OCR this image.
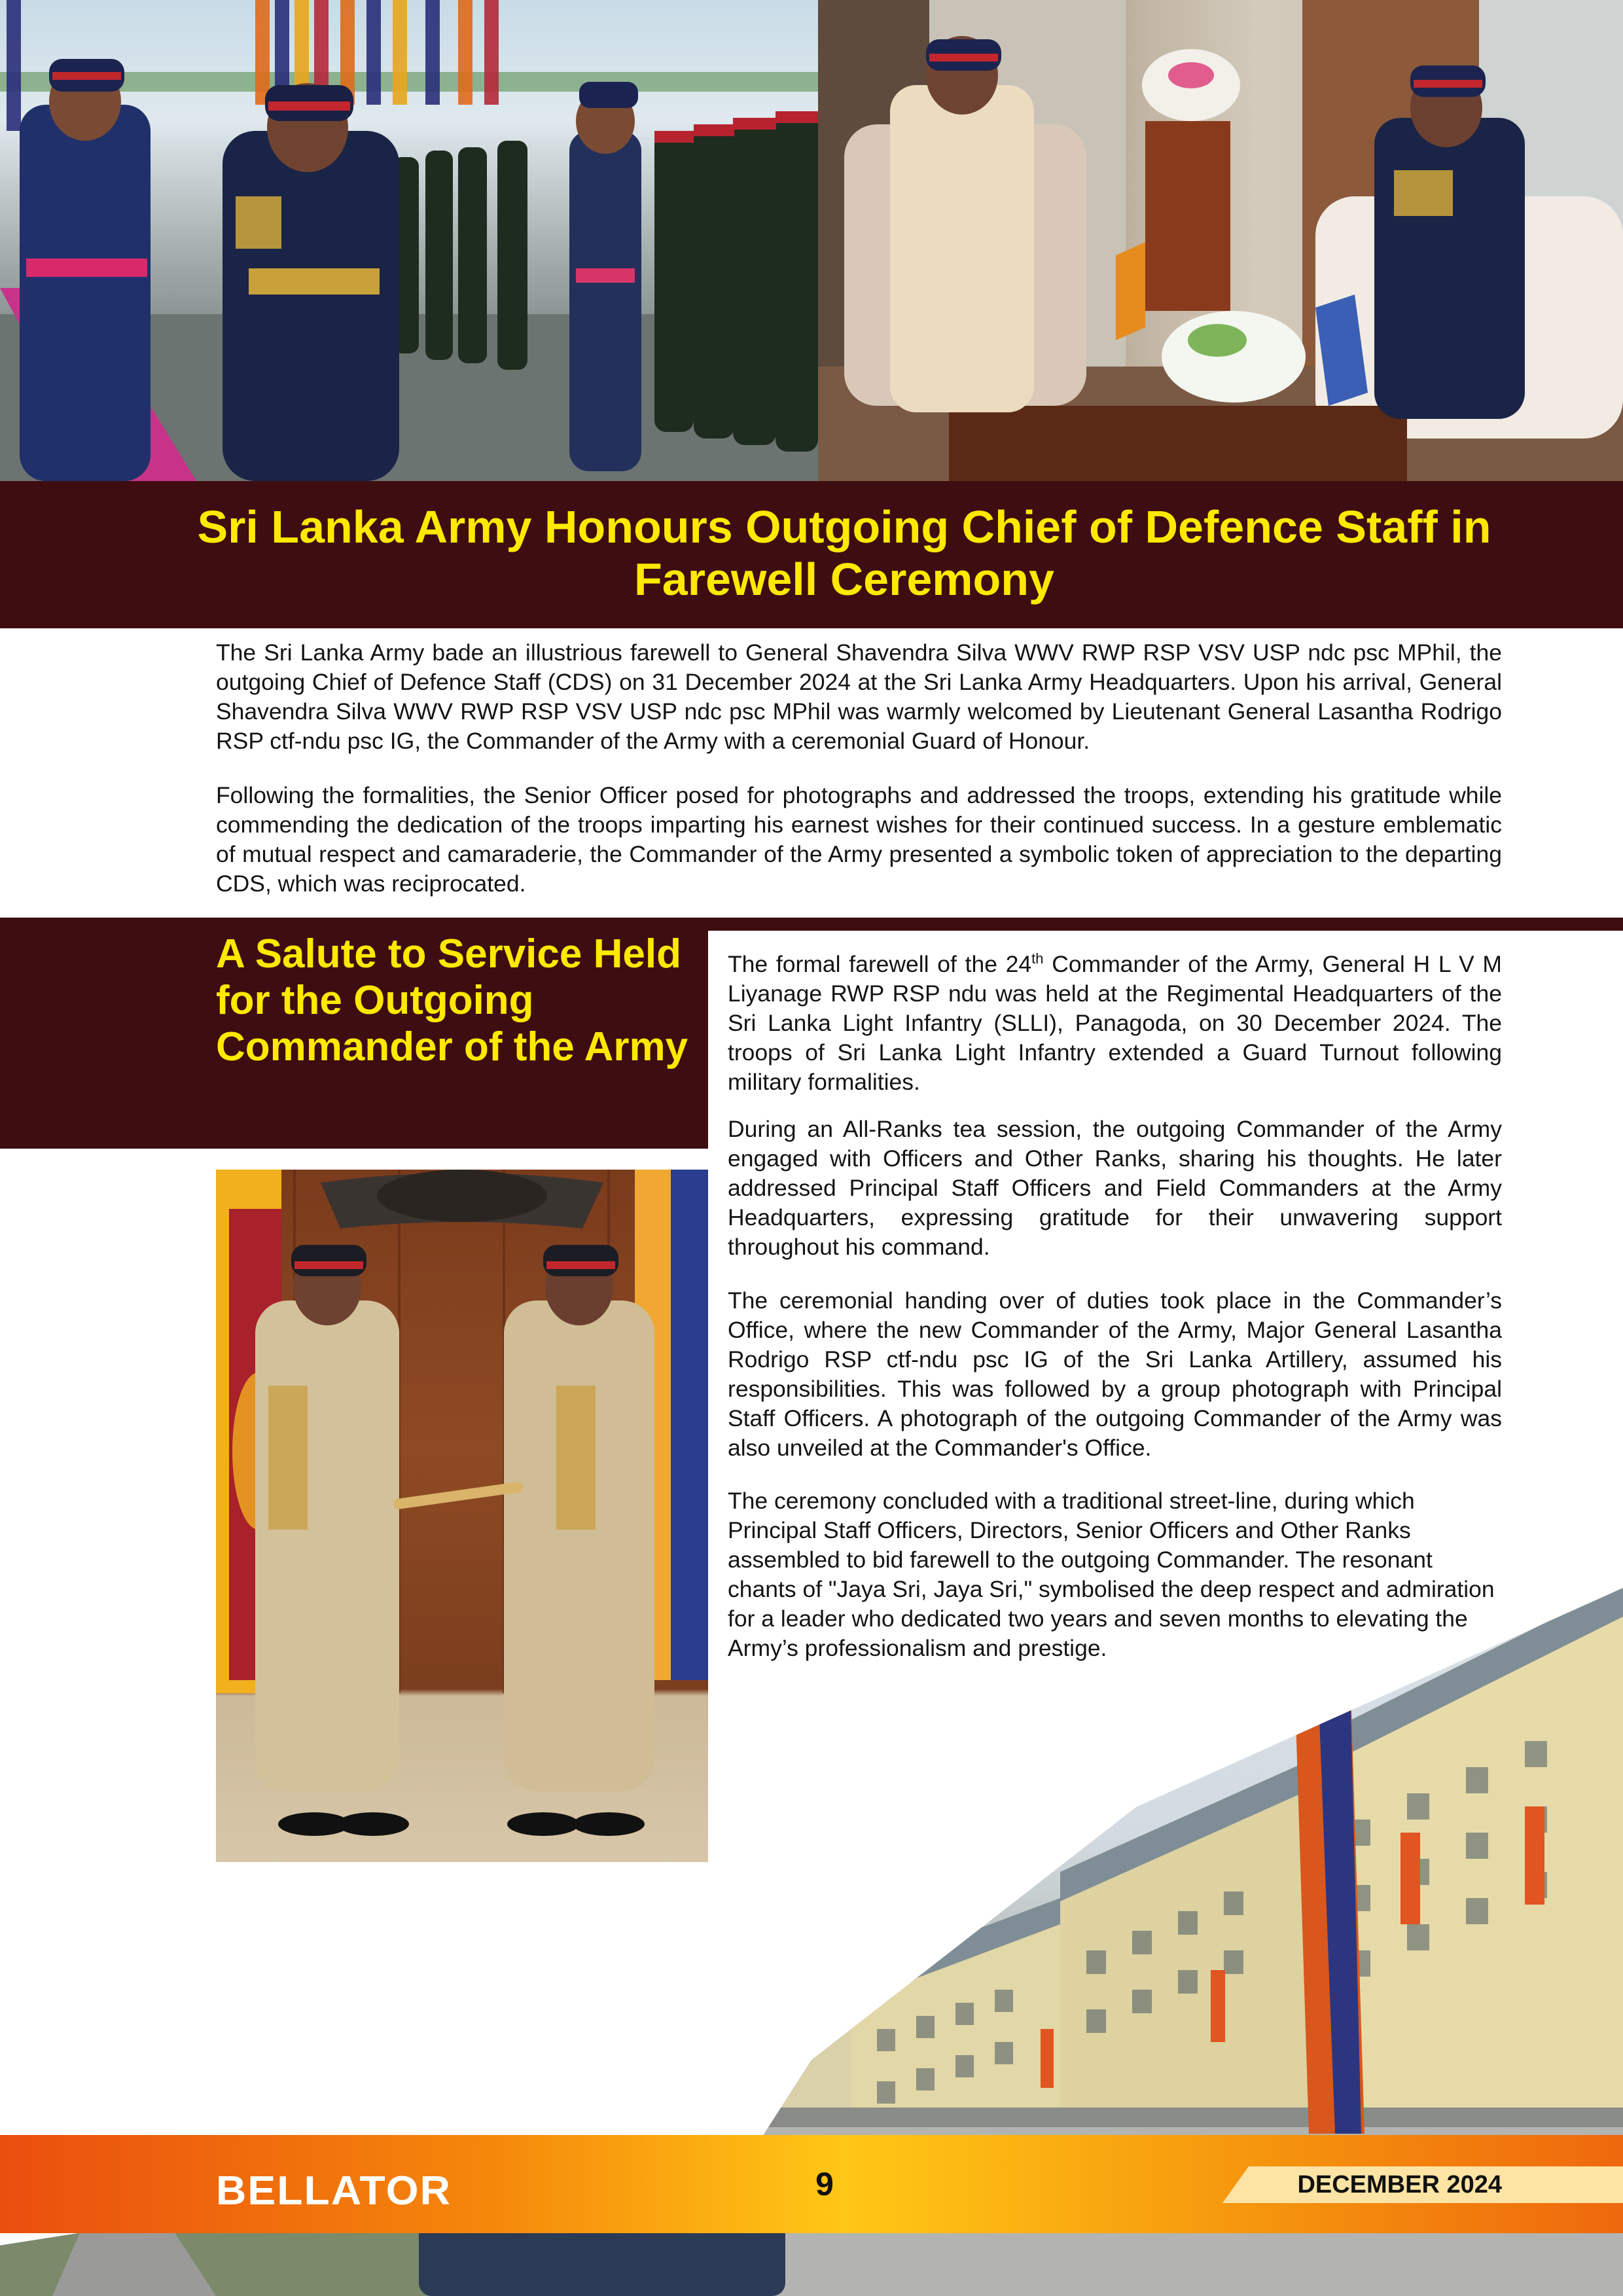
Sri Lanka Army Honours Outgoing Chief of Defence Staff in Farewell Ceremony

The Sri Lanka Army bade an illustrious farewell to General Shavendra Silva WWV RWP RSP VSV USP ndc psc MPhil, the outgoing Chief of Defence Staff (CDS) on 31 December 2024 at the Sri Lanka Army Headquarters. Upon his arrival, General Shavendra Silva WWV RWP RSP VSV USP ndc psc MPhil was warmly welcomed by Lieutenant General Lasantha Rodrigo RSP ctf-ndu psc IG, the Commander of the Army with a ceremonial Guard of Honour.

Following the formalities, the Senior Officer posed for photographs and addressed the troops, extending his gratitude while commending the dedication of the troops imparting his earnest wishes for their continued success. In a gesture emblematic of mutual respect and camaraderie, the Commander of the Army presented a symbolic token of appreciation to the departing CDS, which was reciprocated.

A Salute to Service Held for the Outgoing Commander of the Army

The formal farewell of the 24th Commander of the Army, General H L V M Liyanage RWP RSP ndu was held at the Regimental Headquarters of the Sri Lanka Light Infantry (SLLI), Panagoda, on 30 December 2024. The troops of Sri Lanka Light Infantry extended a Guard Turnout following military formalities.

During an All-Ranks tea session, the outgoing Commander of the Army engaged with Officers and Other Ranks, sharing his thoughts. He later addressed Principal Staff Officers and Field Commanders at the Army Headquarters, expressing gratitude for their unwavering support throughout his command.

The ceremonial handing over of duties took place in the Commander’s Office, where the new Commander of the Army, Major General Lasantha Rodrigo RSP ctf-ndu psc IG of the Sri Lanka Artillery, assumed his responsibilities. This was followed by a group photograph with Principal Staff Officers. A photograph of the outgoing Commander of the Army was also unveiled at the Commander's Office.

The ceremony concluded with a traditional street-line, during which Principal Staff Officers, Directors, Senior Officers and Other Ranks assembled to bid farewell to the outgoing Commander. The resonant chants of "Jaya Sri, Jaya Sri," symbolised the deep respect and admiration for a leader who dedicated two years and seven months to elevating the Army’s professionalism and prestige.

BELLATOR	9	DECEMBER 2024
